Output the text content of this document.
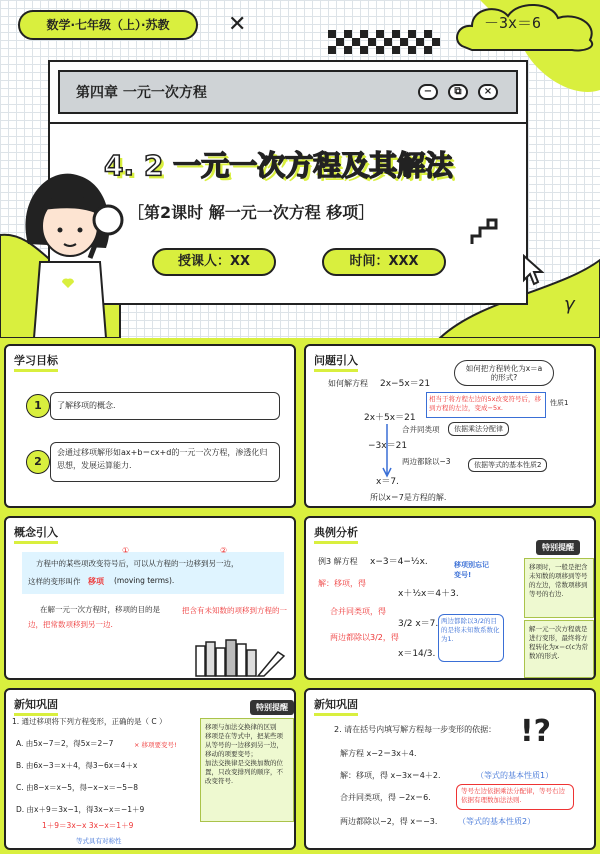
数学·七年级（上）·苏教	－3x＝6
✕
第四章 一元一次方程	−	⧉	×
4. 2 一元一次方程及其解法
［第2课时 解一元一次方程 移项］
授课人：XX	时间：XXX
γ
学习目标
1	了解移项的概念.
2
会通过移项解形如ax+b＝cx+d的一元一次方程，渗透化归思想，发展运算能力.
问题引入
如何把方程转化为x＝a的形式?
如何解方程 2x−5x＝21
2x＋5x＝21
相当于将方程左边的5x改变符号后，移到方程的左边，变成−5x.
性质1
−3x＝21
合并同类项	依据乘法分配律
两边都除以−3	依据等式的基本性质2
x＝7.
所以x＝7是方程的解.
概念引入
①	②
方程中的某些项改变符号后，可以从方程的一边移到另一边，
这样的变形叫作 移项 (moving terms).
在解一元一次方程时，移项的目的是	把含有未知数的项移到方程的一边，把常数项移到另一边.
典例分析
特别提醒
例3 解方程 x−3＝4−½x.
解：移项，得
x＋½x＝4＋3.
移项别忘记变号!
合并同类项，得
3/2 x＝7.
两边都除以3/2，得
x＝14/3.
两边都除以3/2的目的是将未知数系数化为1.
移项时，一般是把含未知数的项移到等号的左边，常数项移到等号的右边.
解一元一次方程就是进行变形，最终将方程转化为x＝c(c为常数)的形式.
新知巩固	特别提醒
1. 通过移项将下列方程变形，正确的是（ C ）
A. 由5x−7＝2，得5x＝2−7	× 移项要变号!
B. 由6x−3＝x＋4，得3−6x＝4＋x
C. 由8−x＝x−5，得−x−x＝−5−8
D. 由x＋9＝3x−1，得3x−x＝−1＋9
1＋9＝3x−x 3x−x＝1＋9
等式具有对称性
移项与加法交换律的区别
移项是在等式中，把某些项从等号的一边移到另一边，移动的项要变号；
加法交换律是交换加数的位置，只改变排列的顺序，不改变符号.
新知巩固
2. 请在括号内填写解方程每一步变形的依据：
解方程 x−2＝3x＋4.
解：移项，得 x−3x＝4＋2.	（等式的基本性质1）
合并同类项，得 −2x＝6.
等号左边依据乘法分配律，等号右边依据有理数加法法则.
两边都除以−2，得 x＝−3.	（等式的基本性质2）
!?
